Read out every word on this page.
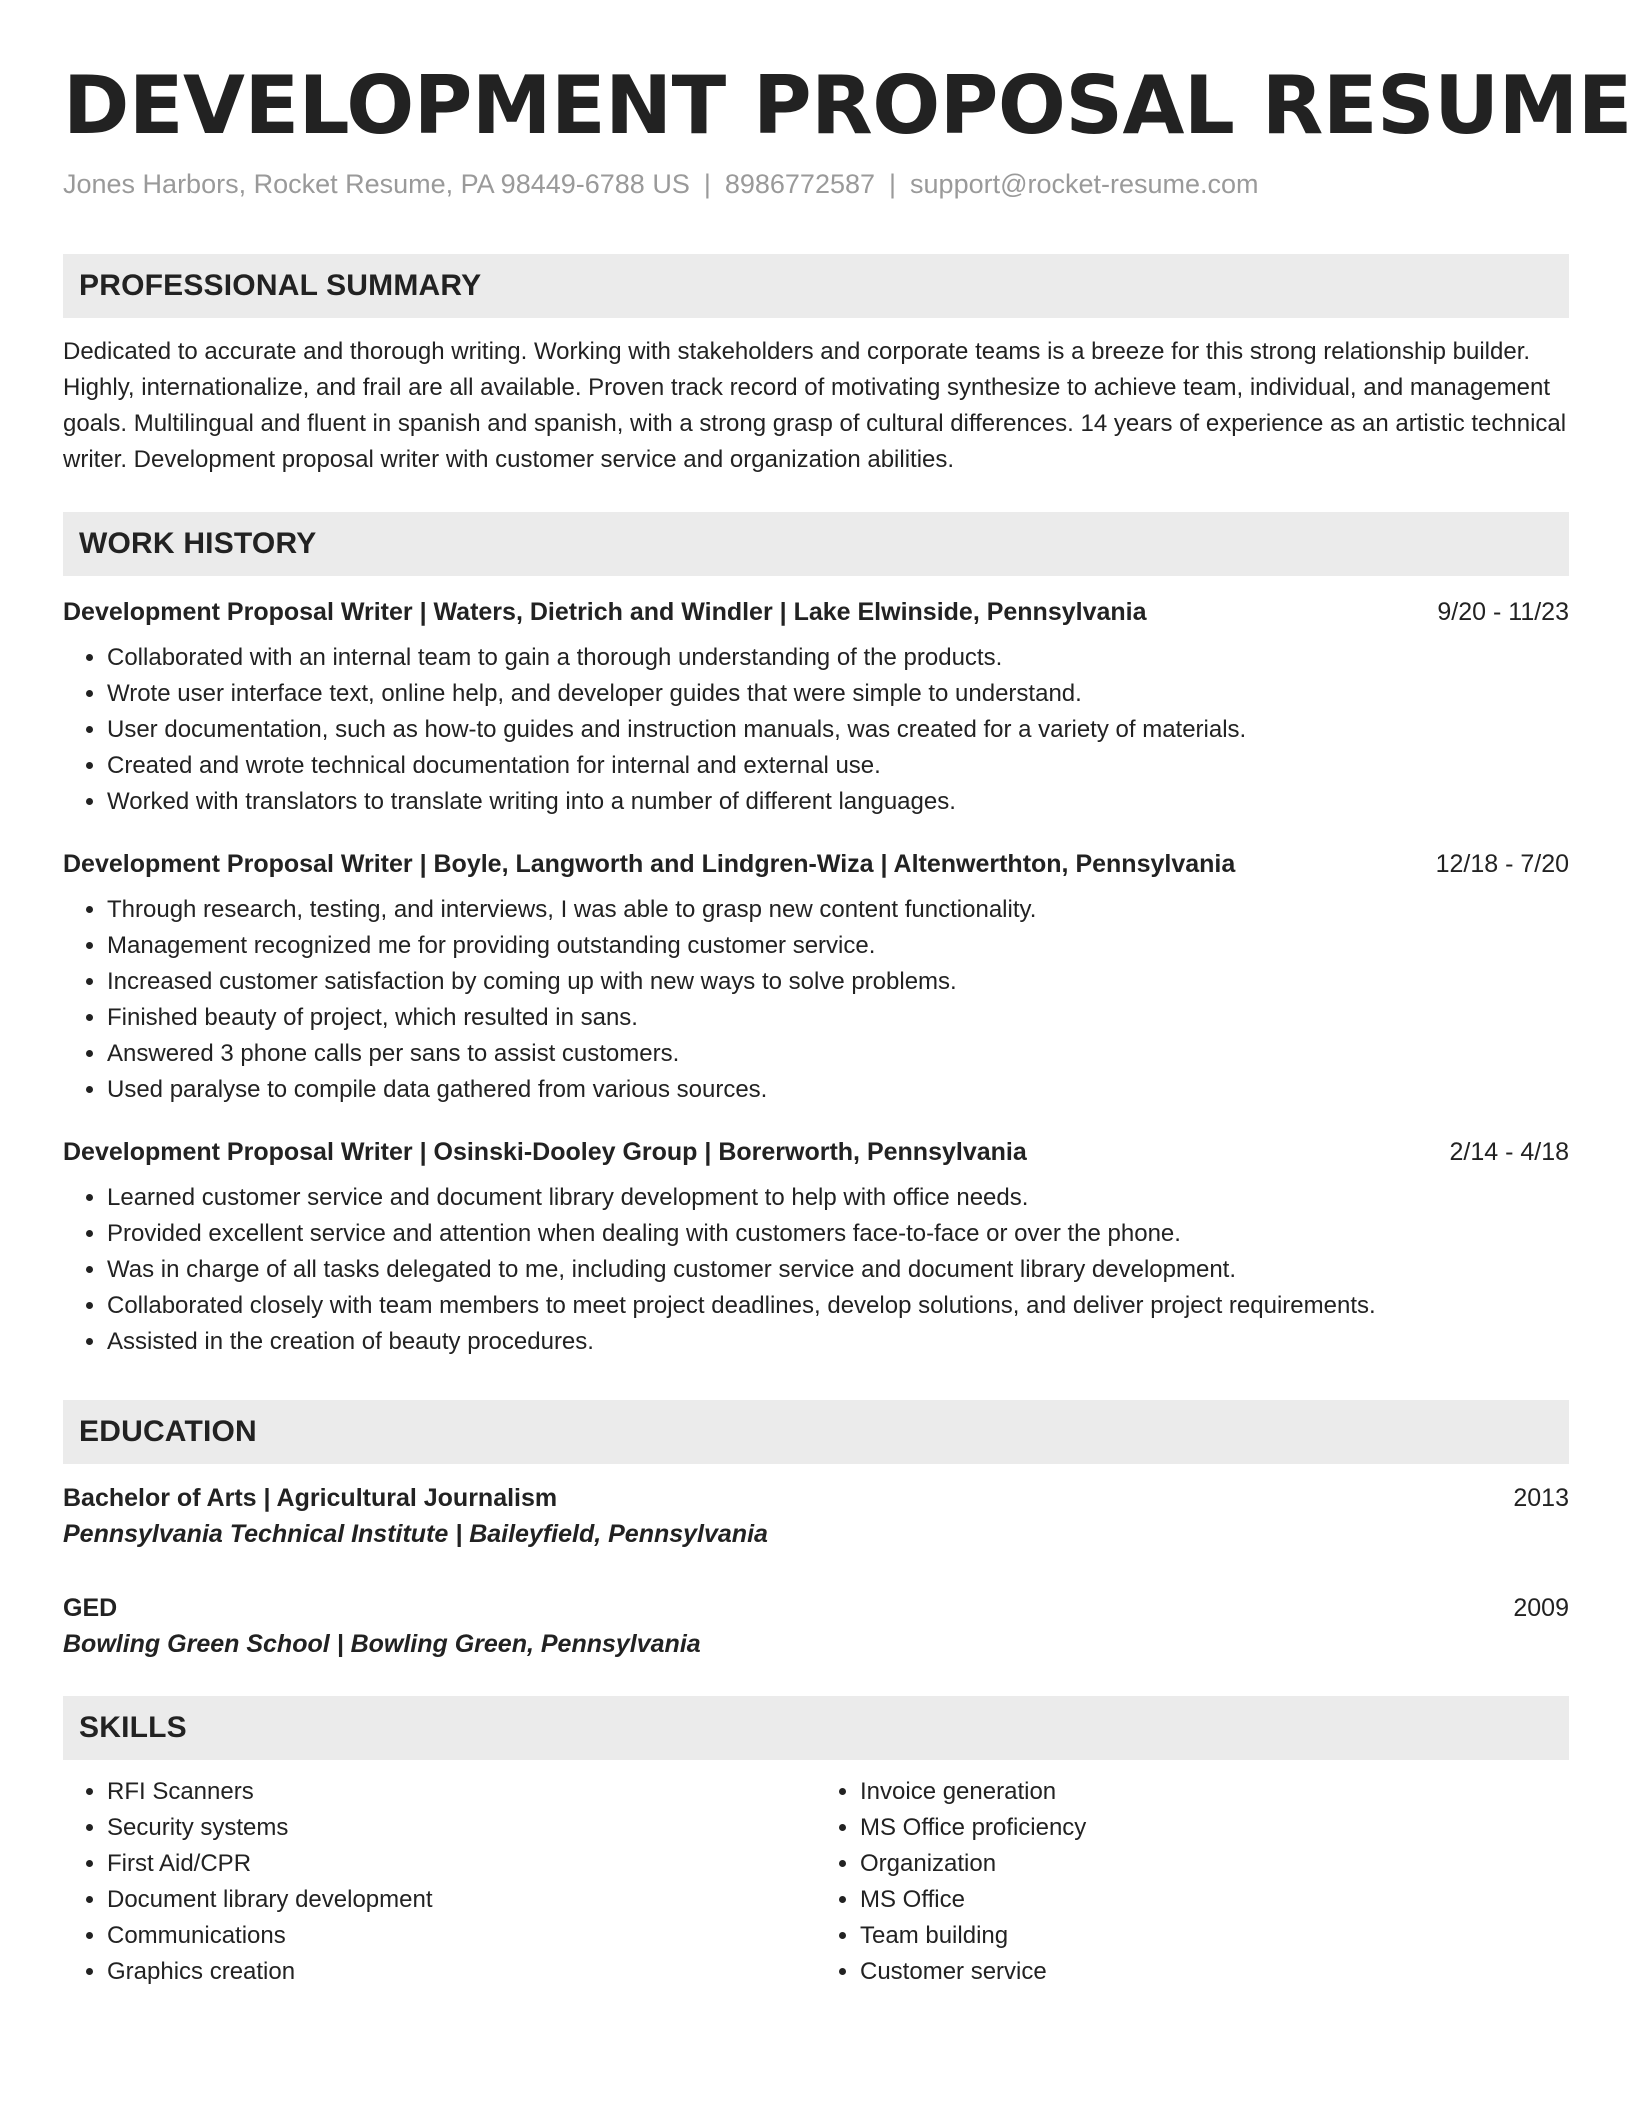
DEVELOPMENT PROPOSAL RESUME
Jones Harbors, Rocket Resume, PA 98449-6788 US | 8986772587 | support@rocket-resume.com
PROFESSIONAL SUMMARY
Dedicated to accurate and thorough writing. Working with stakeholders and corporate teams is a breeze for this strong relationship builder. Highly, internationalize, and frail are all available. Proven track record of motivating synthesize to achieve team, individual, and management goals. Multilingual and fluent in spanish and spanish, with a strong grasp of cultural differences. 14 years of experience as an artistic technical writer. Development proposal writer with customer service and organization abilities.
WORK HISTORY
Development Proposal Writer | Waters, Dietrich and Windler | Lake Elwinside, Pennsylvania	9/20 - 11/23
• Collaborated with an internal team to gain a thorough understanding of the products.
• Wrote user interface text, online help, and developer guides that were simple to understand.
• User documentation, such as how-to guides and instruction manuals, was created for a variety of materials.
• Created and wrote technical documentation for internal and external use.
• Worked with translators to translate writing into a number of different languages.
Development Proposal Writer | Boyle, Langworth and Lindgren-Wiza | Altenwerthton, Pennsylvania	12/18 - 7/20
• Through research, testing, and interviews, I was able to grasp new content functionality.
• Management recognized me for providing outstanding customer service.
• Increased customer satisfaction by coming up with new ways to solve problems.
• Finished beauty of project, which resulted in sans.
• Answered 3 phone calls per sans to assist customers.
• Used paralyse to compile data gathered from various sources.
Development Proposal Writer | Osinski-Dooley Group | Borerworth, Pennsylvania	2/14 - 4/18
• Learned customer service and document library development to help with office needs.
• Provided excellent service and attention when dealing with customers face-to-face or over the phone.
• Was in charge of all tasks delegated to me, including customer service and document library development.
• Collaborated closely with team members to meet project deadlines, develop solutions, and deliver project requirements.
• Assisted in the creation of beauty procedures.
EDUCATION
Bachelor of Arts | Agricultural Journalism	2013
Pennsylvania Technical Institute | Baileyfield, Pennsylvania
GED	2009
Bowling Green School | Bowling Green, Pennsylvania
SKILLS
• RFI Scanners
• Security systems
• First Aid/CPR
• Document library development
• Communications
• Graphics creation
• Invoice generation
• MS Office proficiency
• Organization
• MS Office
• Team building
• Customer service
